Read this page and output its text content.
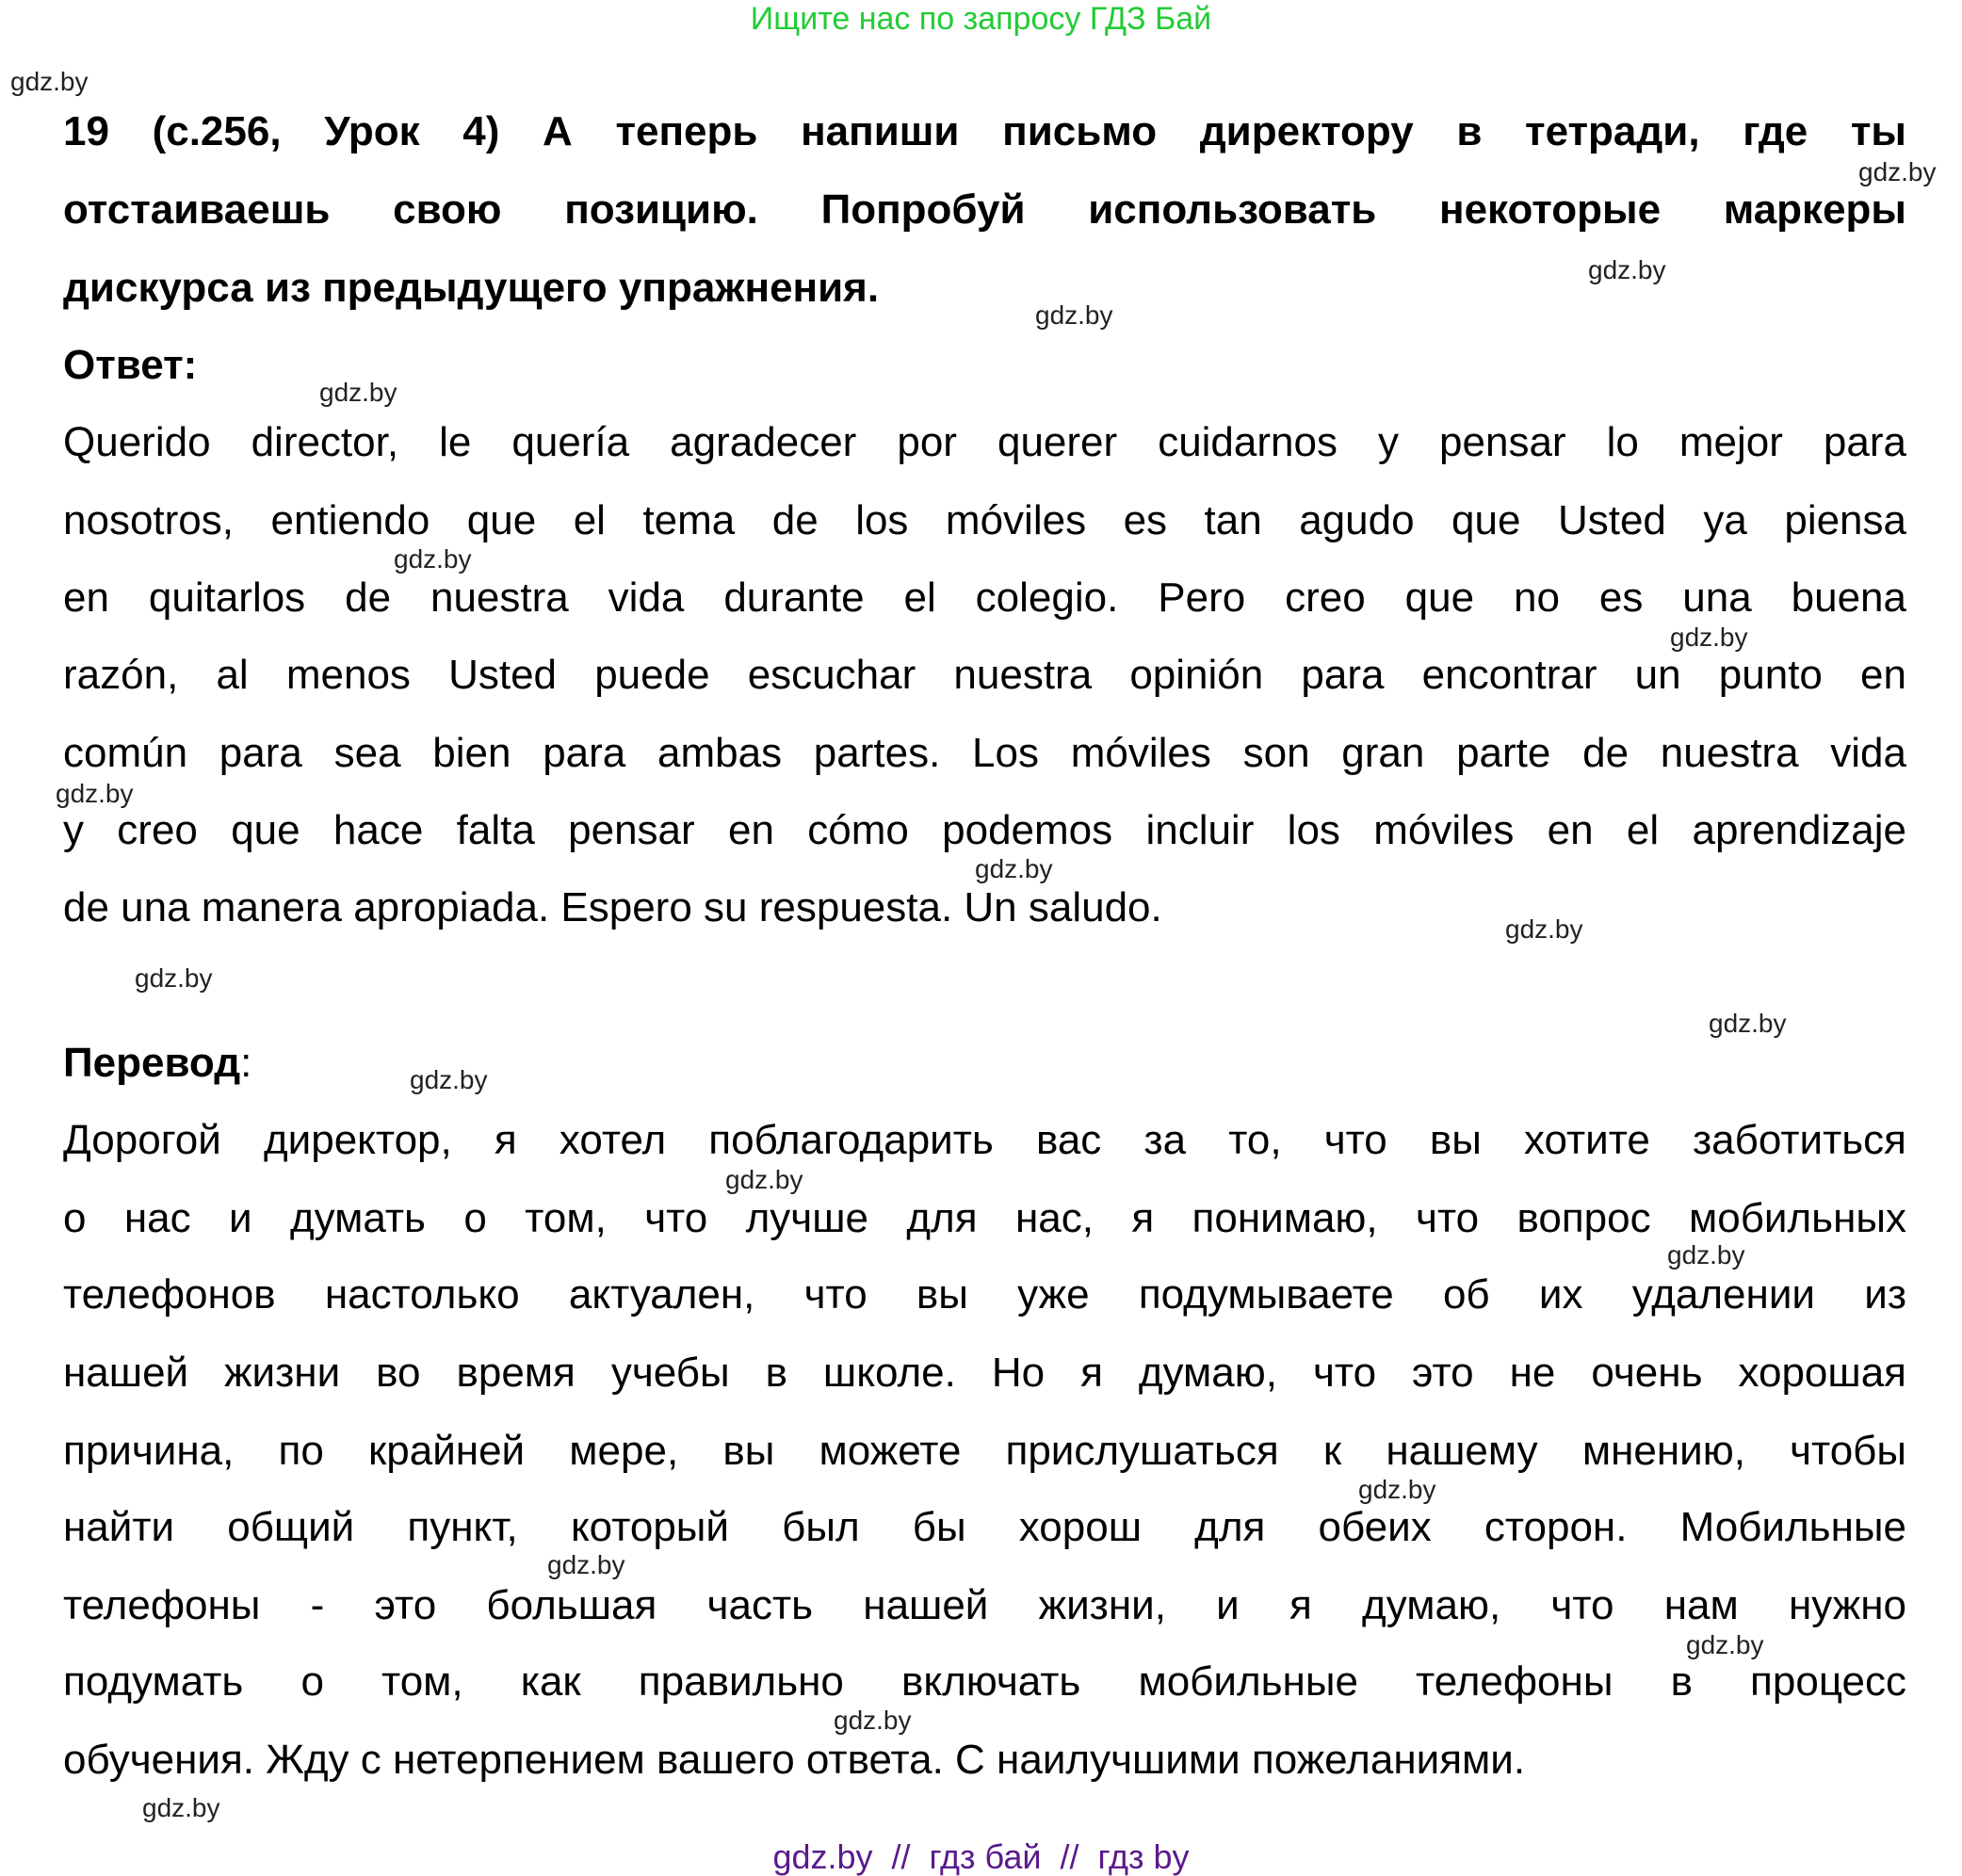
Ищите нас по запросу ГДЗ Бай
19 (с.256, Урок 4) А теперь напиши письмо директору в тетради, где ты
отстаиваешь свою позицию. Попробуй использовать некоторые маркеры
дискурса из предыдущего упражнения.
Ответ:
Querido director, le quería agradecer por querer cuidarnos y pensar lo mejor para
nosotros, entiendo que el tema de los móviles es tan agudo que Usted ya piensa
en quitarlos de nuestra vida durante el colegio. Pero creo que no es una buena
razón, al menos Usted puede escuchar nuestra opinión para encontrar un punto en
común para sea bien para ambas partes. Los móviles son gran parte de nuestra vida
y creo que hace falta pensar en cómo podemos incluir los móviles en el aprendizaje
de una manera apropiada. Espero su respuesta. Un saludo.
Перевод:
Дорогой директор, я хотел поблагодарить вас за то, что вы хотите заботиться
о нас и думать о том, что лучше для нас, я понимаю, что вопрос мобильных
телефонов настолько актуален, что вы уже подумываете об их удалении из
нашей жизни во время учебы в школе. Но я думаю, что это не очень хорошая
причина, по крайней мере, вы можете прислушаться к нашему мнению, чтобы
найти общий пункт, который был бы хорош для обеих сторон. Мобильные
телефоны - это большая часть нашей жизни, и я думаю, что нам нужно
подумать о том, как правильно включать мобильные телефоны в процесс
обучения. Жду с нетерпением вашего ответа. С наилучшими пожеланиями.
gdz.by  //  гдз бай  //  гдз by
gdz.by
gdz.by
gdz.by
gdz.by
gdz.by
gdz.by
gdz.by
gdz.by
gdz.by
gdz.by
gdz.by
gdz.by
gdz.by
gdz.by
gdz.by
gdz.by
gdz.by
gdz.by
gdz.by
gdz.by
